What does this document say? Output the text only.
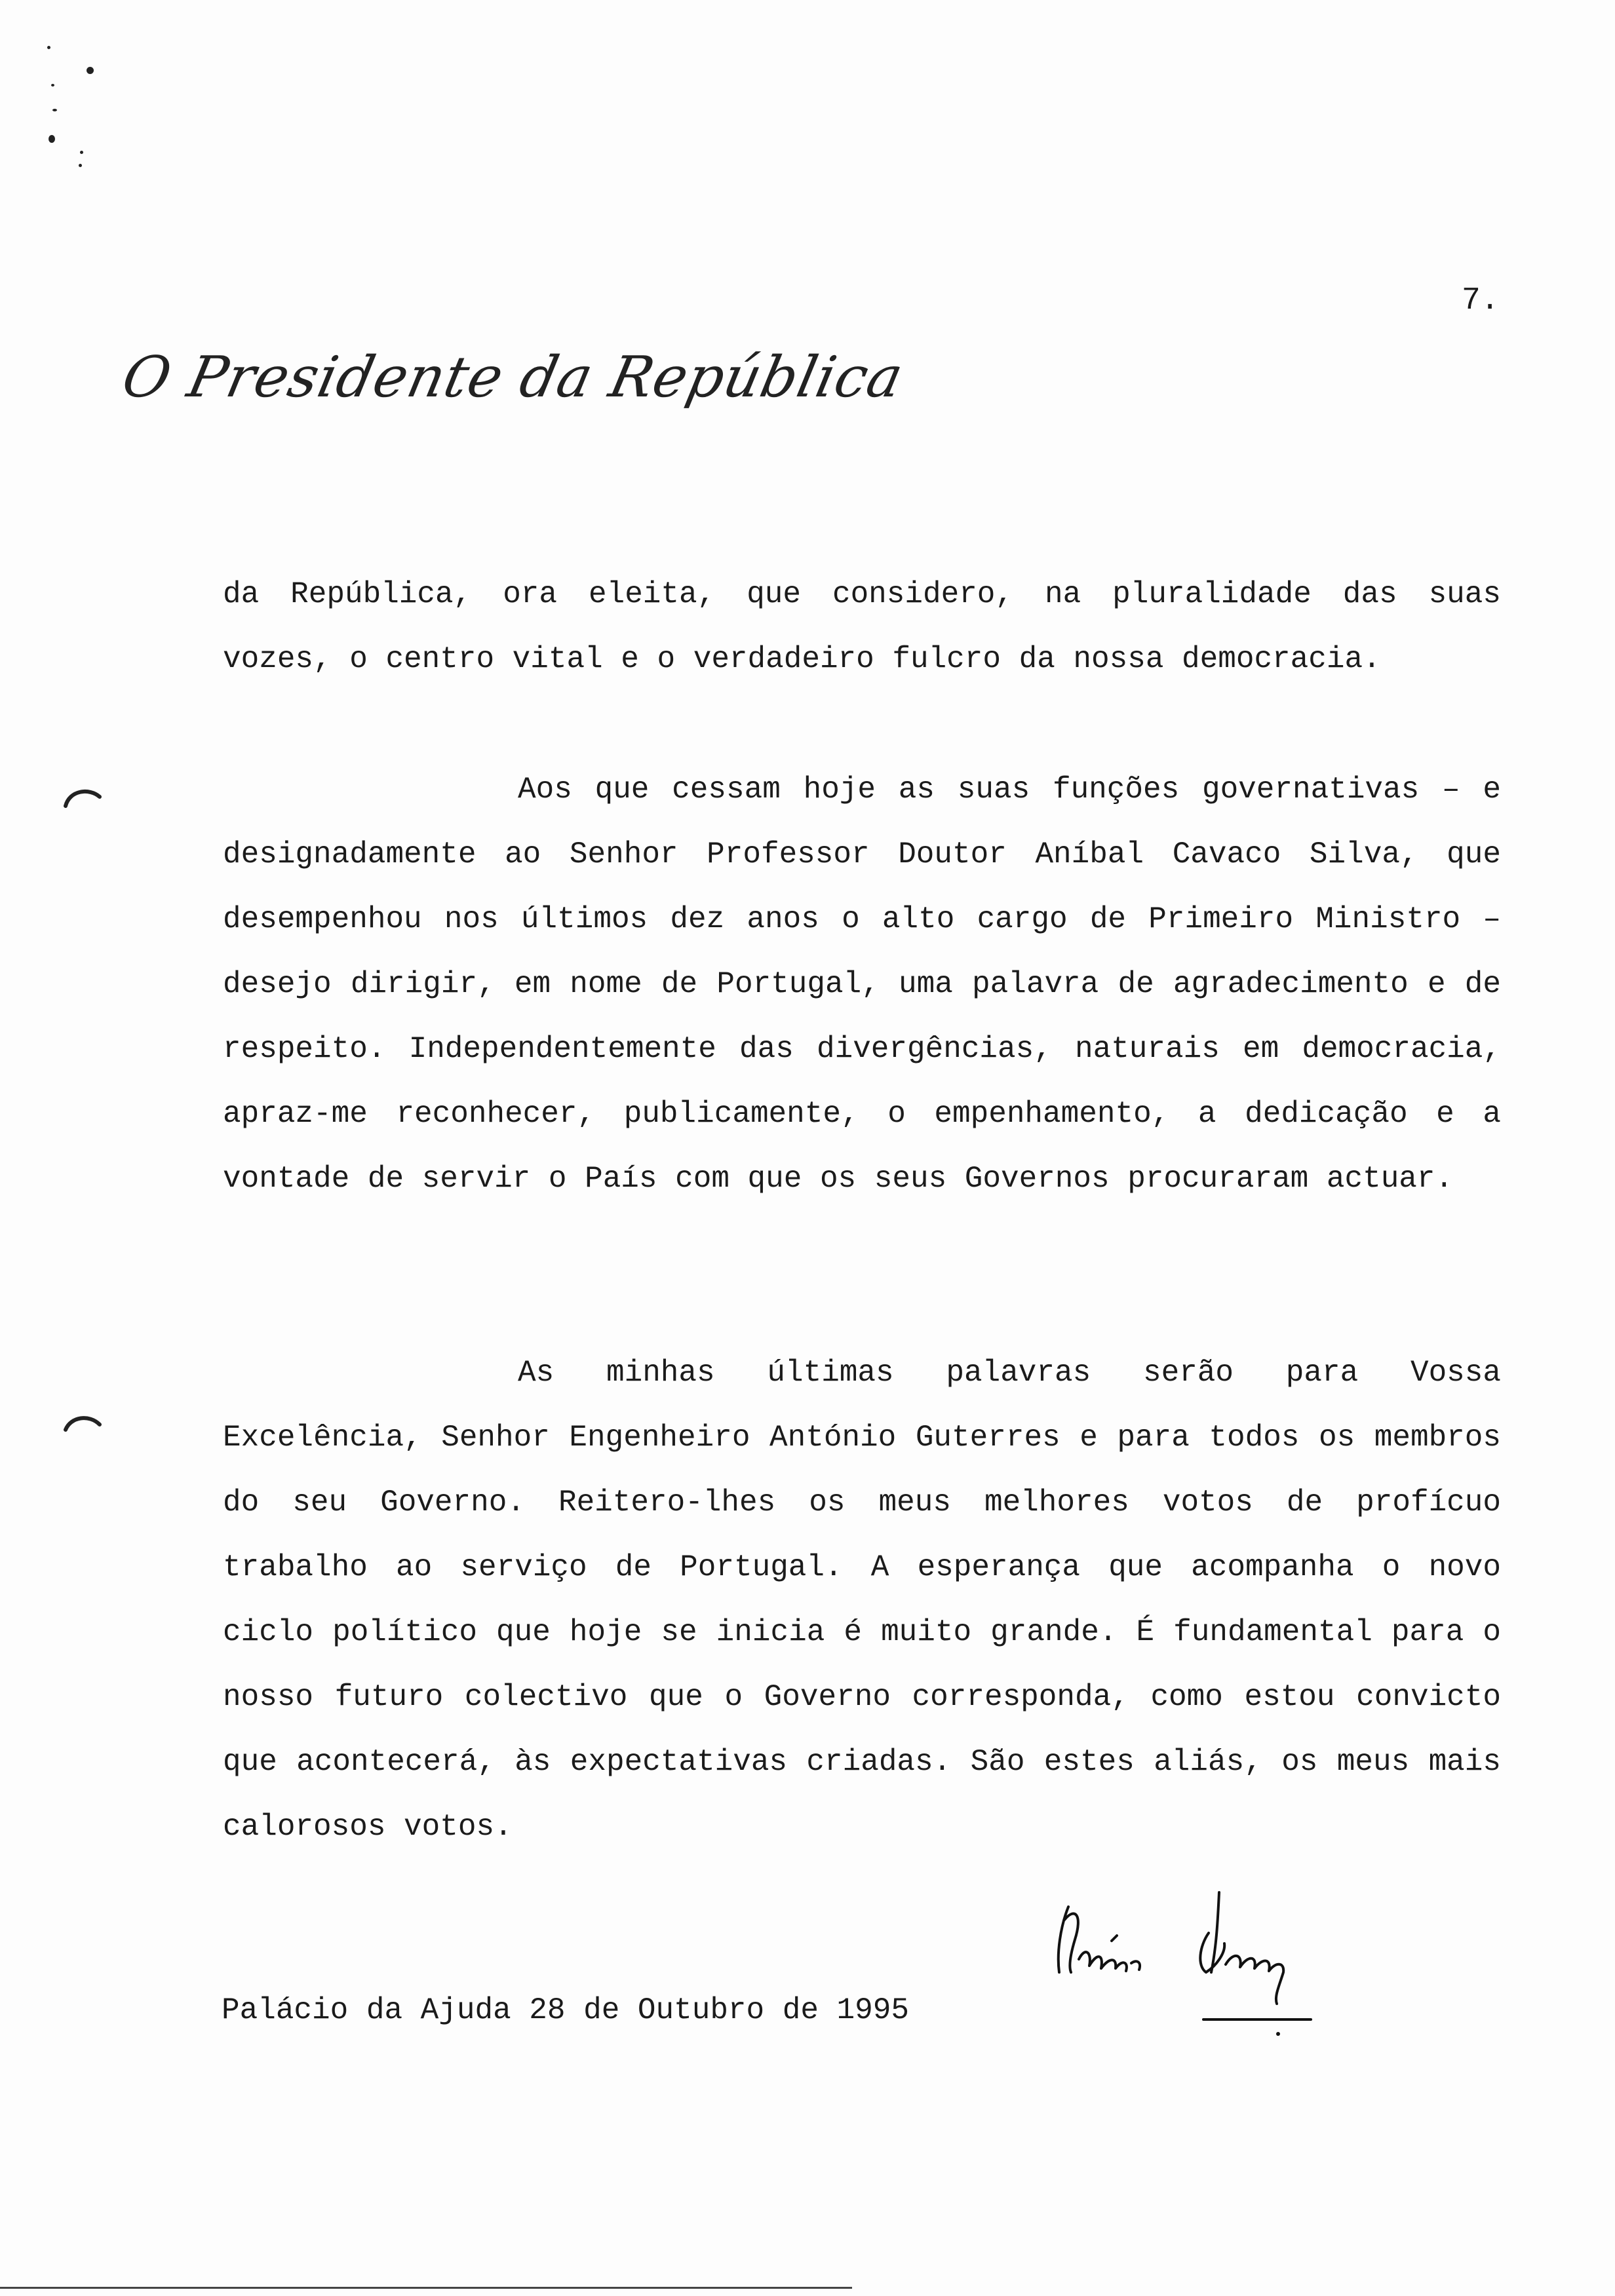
7.
O Presidente da República

da República, ora eleita, que considero, na pluralidade das suas vozes, o centro vital e o verdadeiro fulcro da nossa democracia.

Aos que cessam hoje as suas funções governativas – e designadamente ao Senhor Professor Doutor Aníbal Cavaco Silva, que desempenhou nos últimos dez anos o alto cargo de Primeiro Ministro – desejo dirigir, em nome de Portugal, uma palavra de agradecimento e de respeito. Independentemente das divergências, naturais em democracia, apraz-me reconhecer, publicamente, o empenhamento, a dedicação e a vontade de servir o País com que os seus Governos procuraram actuar.

As minhas últimas palavras serão para Vossa Excelência, Senhor Engenheiro António Guterres e para todos os membros do seu Governo. Reitero-lhes os meus melhores votos de profícuo trabalho ao serviço de Portugal. A esperança que acompanha o novo ciclo político que hoje se inicia é muito grande. É fundamental para o nosso futuro colectivo que o Governo corresponda, como estou convicto que acontecerá, às expectativas criadas. São estes aliás, os meus mais calorosos votos.

Palácio da Ajuda 28 de Outubro de 1995
